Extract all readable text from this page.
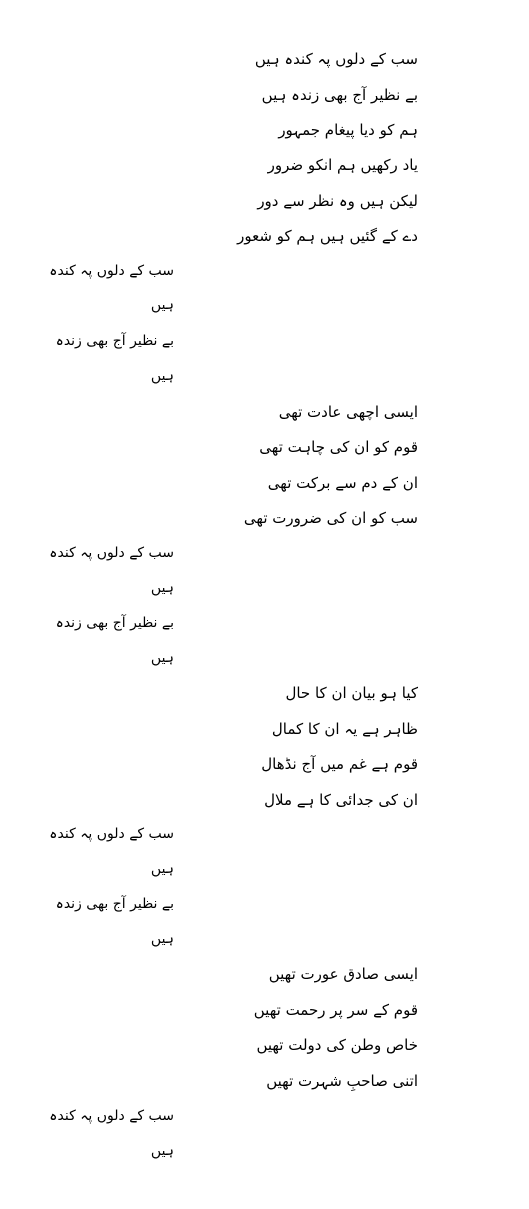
سب کے دلوں پہ کندہ ہیں
بے نظیر آج بھی زندہ ہیں
ہم کو دیا پیغام جمہور
یاد رکھیں ہم انکو ضرور
لیکن ہیں وہ نظر سے دور
دے کے گئیں ہیں ہم کو شعور
سب کے دلوں پہ کندہ
ہیں
بے نظیر آج بھی زندہ
ہیں
ایسی اچھی عادت تھی
قوم کو ان کی چاہت تھی
ان کے دم سے برکت تھی
سب کو ان کی ضرورت تھی
سب کے دلوں پہ کندہ
ہیں
بے نظیر آج بھی زندہ
ہیں
کیا ہو بیان ان کا حال
ظاہر ہے یہ ان کا کمال
قوم ہے غم میں آج نڈھال
ان کی جدائی کا ہے ملال
سب کے دلوں پہ کندہ
ہیں
بے نظیر آج بھی زندہ
ہیں
ایسی صادق عورت تھیں
قوم کے سر پر رحمت تھیں
خاص وطن کی دولت تھیں
اتنی صاحبِ شہرت تھیں
سب کے دلوں پہ کندہ
ہیں
